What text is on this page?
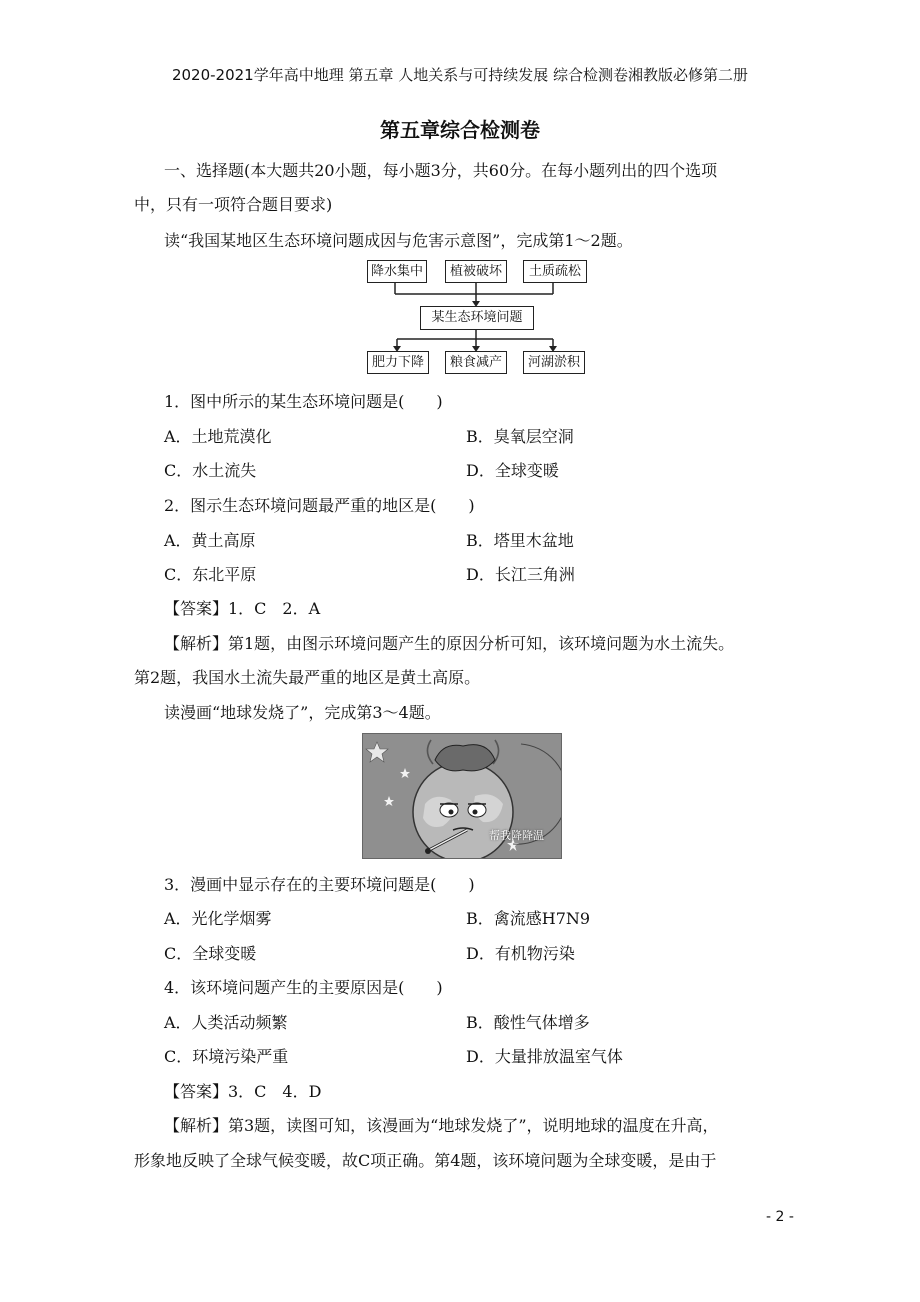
2020-2021学年高中地理 第五章 人地关系与可持续发展 综合检测卷湘教版必修第二册
第五章综合检测卷
一、选择题(本大题共20小题，每小题3分，共60分。在每小题列出的四个选项
中，只有一项符合题目要求)
读“我国某地区生态环境问题成因与危害示意图”，完成第1～2题。
降水集中	植被破坏	土质疏松
某生态环境问题
肥力下降	粮食减产	河湖淤积
1．图中所示的某生态环境问题是(　　)
A．土地荒漠化	B．臭氧层空洞
C．水土流失	D．全球变暖
2．图示生态环境问题最严重的地区是(　　)
A．黄土高原	B．塔里木盆地
C．东北平原	D．长江三角洲
【答案】1．C　2．A
【解析】第1题，由图示环境问题产生的原因分析可知，该环境问题为水土流失。
第2题，我国水土流失最严重的地区是黄土高原。
读漫画“地球发烧了”，完成第3～4题。
帮我降降温
3．漫画中显示存在的主要环境问题是(　　)
A．光化学烟雾	B．禽流感H7N9
C．全球变暖	D．有机物污染
4．该环境问题产生的主要原因是(　　)
A．人类活动频繁	B．酸性气体增多
C．环境污染严重	D．大量排放温室气体
【答案】3．C　4．D
【解析】第3题，读图可知，该漫画为“地球发烧了”，说明地球的温度在升高，
形象地反映了全球气候变暖，故C项正确。第4题，该环境问题为全球变暖，是由于
- 2 -
